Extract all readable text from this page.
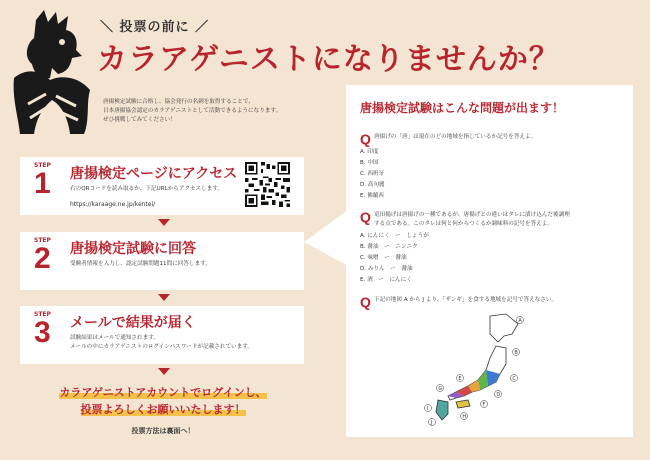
＼ 投票の前に ／
カラアゲニストになりませんか？
唐揚検定試験に合格し、協会発行の名刺を取得することで、
日本唐揚協会認定のカラアゲニストとして活動できるようになります。
ぜひ挑戦してみてください！
STEP
1 唐揚検定ページにアクセス
右のQRコードを読み取るか、下記URLからアクセスします。
https://karaage.ne.jp/kentei/
STEP
2 唐揚検定試験に回答
受験者情報を入力し、認定試験問題11問に回答します。
STEP
3 メールで結果が届く
試験結果はメールで通知されます。
メールの中にカラアゲニストのログインパスワードが記載されています。
カラアゲニストアカウントでログインし、
投票よろしくお願いいたします！
投票方法は裏面へ！
唐揚検定試験はこんな問題が出ます！
Q 唐揚げの「唐」は現在のどの地域を指しているか記号を答えよ。
A. 印度
B. 中国
C. 西班牙
D. 高句麗
E. 佛蘭西
Q 竜田揚げは唐揚げの一種であるが、唐揚げとの違いはタレに漬け込んだ後調理
する点である。このタレは何と何からつくるか調味料の記号を答えよ。
A. にんにく　ー　しょうが
B. 醤油　ー　ニンニク
C. 味噌　ー　醤油
D. みりん　ー　醤油
E. 酒　ー　にんにく
Q 下記の地図 A から J より、「ザンギ」を食する地域を記号で答えなさい。
A
B
C
D
E
F
G
H
I
J
